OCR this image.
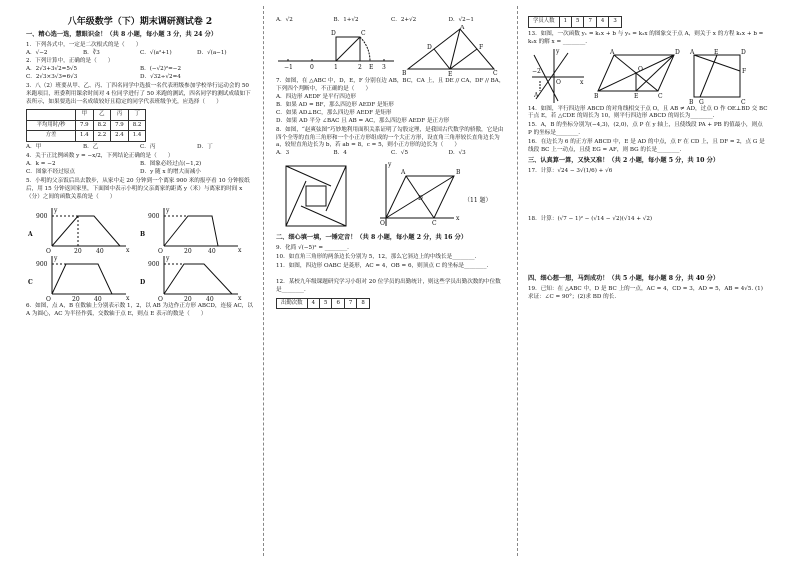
八年级数学（下）期末调研测试卷 2
一、精心选一选，慧眼识金！（共 8 小题，每小题 3 分，共 24 分）
1．下列各式中，一定是二次根式的是（　　）
A．√−2	B．∛3	C．√(a²+1)	D．√(a−1)
2．下列计算中，正确的是（　　）
A．2√3+3√2=5√5	B．(−√2)²=−2
C．2√3×3√3=6√3	D．√32÷√2=4
3．八（2）班要从甲、乙、丙、丁四名同学中选拔一名代表班级参加学校举行运动会的 50 米跑项目，班委利用课余时间对 4 位同学进行了 50 米跑的测试，四名同学的测试成绩如下表所示，如果要选出一名成绩较好且稳定的同学代表班级争光，应选择（　　）
	甲	乙	丙	丁
平均用时/秒	7.9	8.2	7.9	8.2
方差	1.4	2.2	2.4	1.4
A．甲	B．乙	C．丙	D．丁
4．关于正比例函数 y = −x/2，下列结论正确的是（　　）
A．k = −2	B．图象必经过点(−1,2)
C．图象不经过原点	D．y 随 x 的增大而减小
5．小明的父亲饭后出去散步，从家中走 20 分钟到一个离家 900 米的报亭看 10 分钟报纸后，用 15 分钟返回家里，下面图中表示小明的父亲离家的距离 y（米）与离家的时间 x（分）之间的函数关系的是（　　）
900
y
x
O	20 40
A
900
y
x
O	20	40
B
900
y
x
O	20 40
C
900
y
x
O	20 40
D
6．如图，点 A，B 在数轴上分别表示数 1，2，以 AB 为边作正方形 ABCD，连接 AC，以 A 为圆心，AC 为半径作弧，交数轴于点 E，则点 E 表示的数是（　　）
A．√2	B．1+√2	C．2+√2	D．√2−1
−1	0	1	2 E 3
D	C
A
D
E
B
F
C
7．如图，在 △ABC 中，D，E，F 分别在边 AB，BC，CA 上，且 DE // CA，DF // BA，下列四个判断中，不正确的是（　　）
A．四边形 AEDF 是平行四边形
B．如果 AD = BF，那么四边形 AEDF 是矩形
C．如果 AD⊥BC，那么四边形 AEDF 是矩形
D．如果 AD 平分 ∠BAC 且 AB = AC，那么四边形 AEDF 是正方形
8．如图，“赵爽弦图”巧妙地利用面积关系证明了勾股定理，是我国古代数学的骄傲，它是由四个全等的直角三角形和一个小正方形组成的一个大正方形，设直角三角形较长直角边长为 a，较短直角边长为 b，若 ab = 8，c = 5，则小正方形的边长为（　　）
A．3	B．4	C．√5	D．√3
y
x
O
A	B
C
D	（11 题）
二、细心填一填，一锤定音！（共 8 小题，每小题 2 分，共 16 分）
9．化简 √(−5)² = ________.
10．如直角三角形的两条边长分别为 5，12，那么它斜边上的中线长是________.
11．如图，四边形 OABC 是菱形，AC = 4，OB = 6，则顶点 C 的坐标是________.
12．某校九年级课题研究学习小组对 20 位学员的出勤统计，则这些学员出勤次数的中位数是________.
出勤次数	4	5	6	7	8
学员人数	1	5	7	4	3
13．如图，一次函数 y₁ = k₁x + b 与 y₂ = k₂x 的图象交于点 A，则关于 x 的方程 k₁x + b = k₂x 的解 x = ________.
y
O	x
−2
A
A	D
O
B	E	C
A	E	D
F
B G	C
14．如图，平行四边形 ABCD 的对角线相交于点 O，且 AB ≠ AD，过点 O 作 OE⊥BD 交 BC 于点 E，若 △CDE 的周长为 10，则平行四边形 ABCD 的周长为________.
15．A，B 的坐标分别为(−4,3)，(2,0)，点 P 在 y 轴上，且使线段 PA + PB 的值最小，则点 P 的坐标是________.
16．在边长为 6 的正方形 ABCD 中，E 是 AD 的中点，点 F 在 CD 上，且 DF = 2，点 G 是线段 BC 上一动点，且使 EG = AF，则 BG 的长是________.
三、认真算一算，又快又准！（共 2 小题，每小题 5 分，共 10 分）
17．计算：√24 − 3√(1/6) + √6
18．计算：(√7 − 1)² − (√14 − √2)(√14 + √2)
四、细心想一想，马到成功！（共 5 小题，每小题 8 分，共 40 分）
19．已知：在 △ABC 中，D 是 BC 上的一点，AC = 4，CD = 3，AD = 5，AB = 4√5. (1)求证：∠C = 90°；(2)求 BD 的长.
